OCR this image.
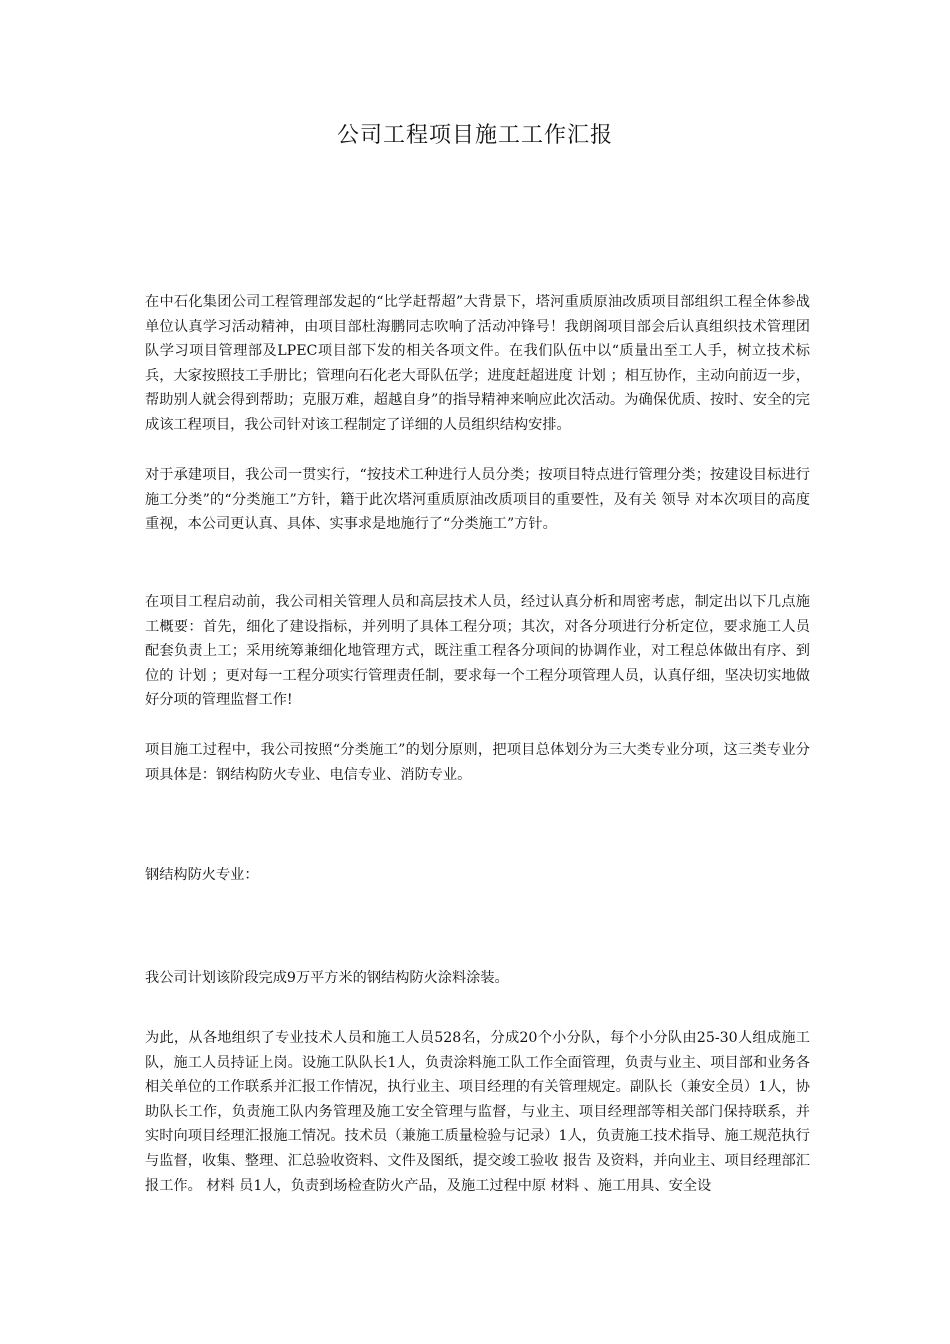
公司工程项目施工工作汇报

在中石化集团公司工程管理部发起的“比学赶帮超”大背景下，塔河重质原油改质项目部组织工程全体参战单位认真学习活动精神，由项目部杜海鹏同志吹响了活动冲锋号！我朗阁项目部会后认真组织技术管理团队学习项目管理部及LPEC项目部下发的相关各项文件。在我们队伍中以“质量出至工人手，树立技术标兵，大家按照技工手册比；管理向石化老大哥队伍学；进度赶超进度 计划 ；相互协作，主动向前迈一步，帮助别人就会得到帮助；克服万难，超越自身”的指导精神来响应此次活动。为确保优质、按时、安全的完成该工程项目，我公司针对该工程制定了详细的人员组织结构安排。

对于承建项目，我公司一贯实行，“按技术工种进行人员分类；按项目特点进行管理分类；按建设目标进行施工分类”的“分类施工”方针，籍于此次塔河重质原油改质项目的重要性，及有关 领导 对本次项目的高度重视，本公司更认真、具体、实事求是地施行了“分类施工”方针。

在项目工程启动前，我公司相关管理人员和高层技术人员，经过认真分析和周密考虑，制定出以下几点施工概要：首先，细化了建设指标，并列明了具体工程分项；其次，对各分项进行分析定位，要求施工人员配套负责上工；采用统筹兼细化地管理方式，既注重工程各分项间的协调作业，对工程总体做出有序、到位的 计划 ；更对每一工程分项实行管理责任制，要求每一个工程分项管理人员，认真仔细，坚决切实地做好分项的管理监督工作!

项目施工过程中，我公司按照“分类施工”的划分原则，把项目总体划分为三大类专业分项，这三类专业分项具体是：钢结构防火专业、电信专业、消防专业。

钢结构防火专业：

我公司计划该阶段完成9万平方米的钢结构防火涂料涂装。

为此，从各地组织了专业技术人员和施工人员528名，分成20个小分队，每个小分队由25-30人组成施工队，施工人员持证上岗。设施工队队长1人，负责涂料施工队工作全面管理，负责与业主、项目部和业务各相关单位的工作联系并汇报工作情况，执行业主、项目经理的有关管理规定。副队长（兼安全员）1人，协助队长工作，负责施工队内务管理及施工安全管理与监督，与业主、项目经理部等相关部门保持联系，并实时向项目经理汇报施工情况。技术员（兼施工质量检验与记录）1人，负责施工技术指导、施工规范执行与监督，收集、整理、汇总验收资料、文件及图纸，提交竣工验收 报告 及资料，并向业主、项目经理部汇报工作。 材料 员1人，负责到场检查防火产品，及施工过程中原 材料 、施工用具、安全设
